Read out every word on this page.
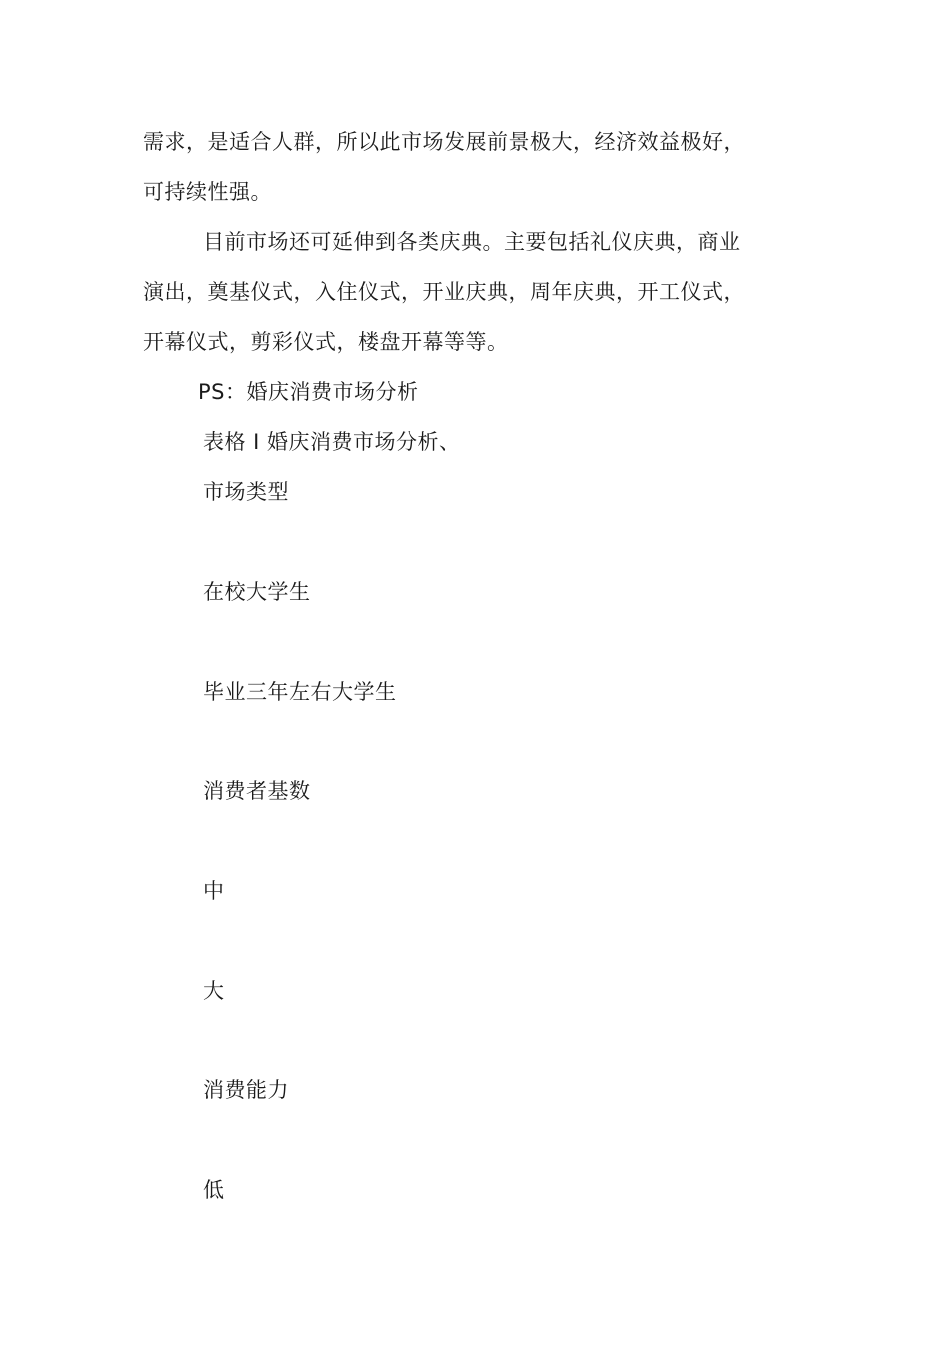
需求，是适合人群，所以此市场发展前景极大，经济效益极好，
可持续性强。
目前市场还可延伸到各类庆典。主要包括礼仪庆典，商业
演出，奠基仪式，入住仪式，开业庆典，周年庆典，开工仪式，
开幕仪式，剪彩仪式，楼盘开幕等等。
PS：婚庆消费市场分析
表格 I 婚庆消费市场分析、
市场类型
在校大学生
毕业三年左右大学生
消费者基数
中
大
消费能力
低
